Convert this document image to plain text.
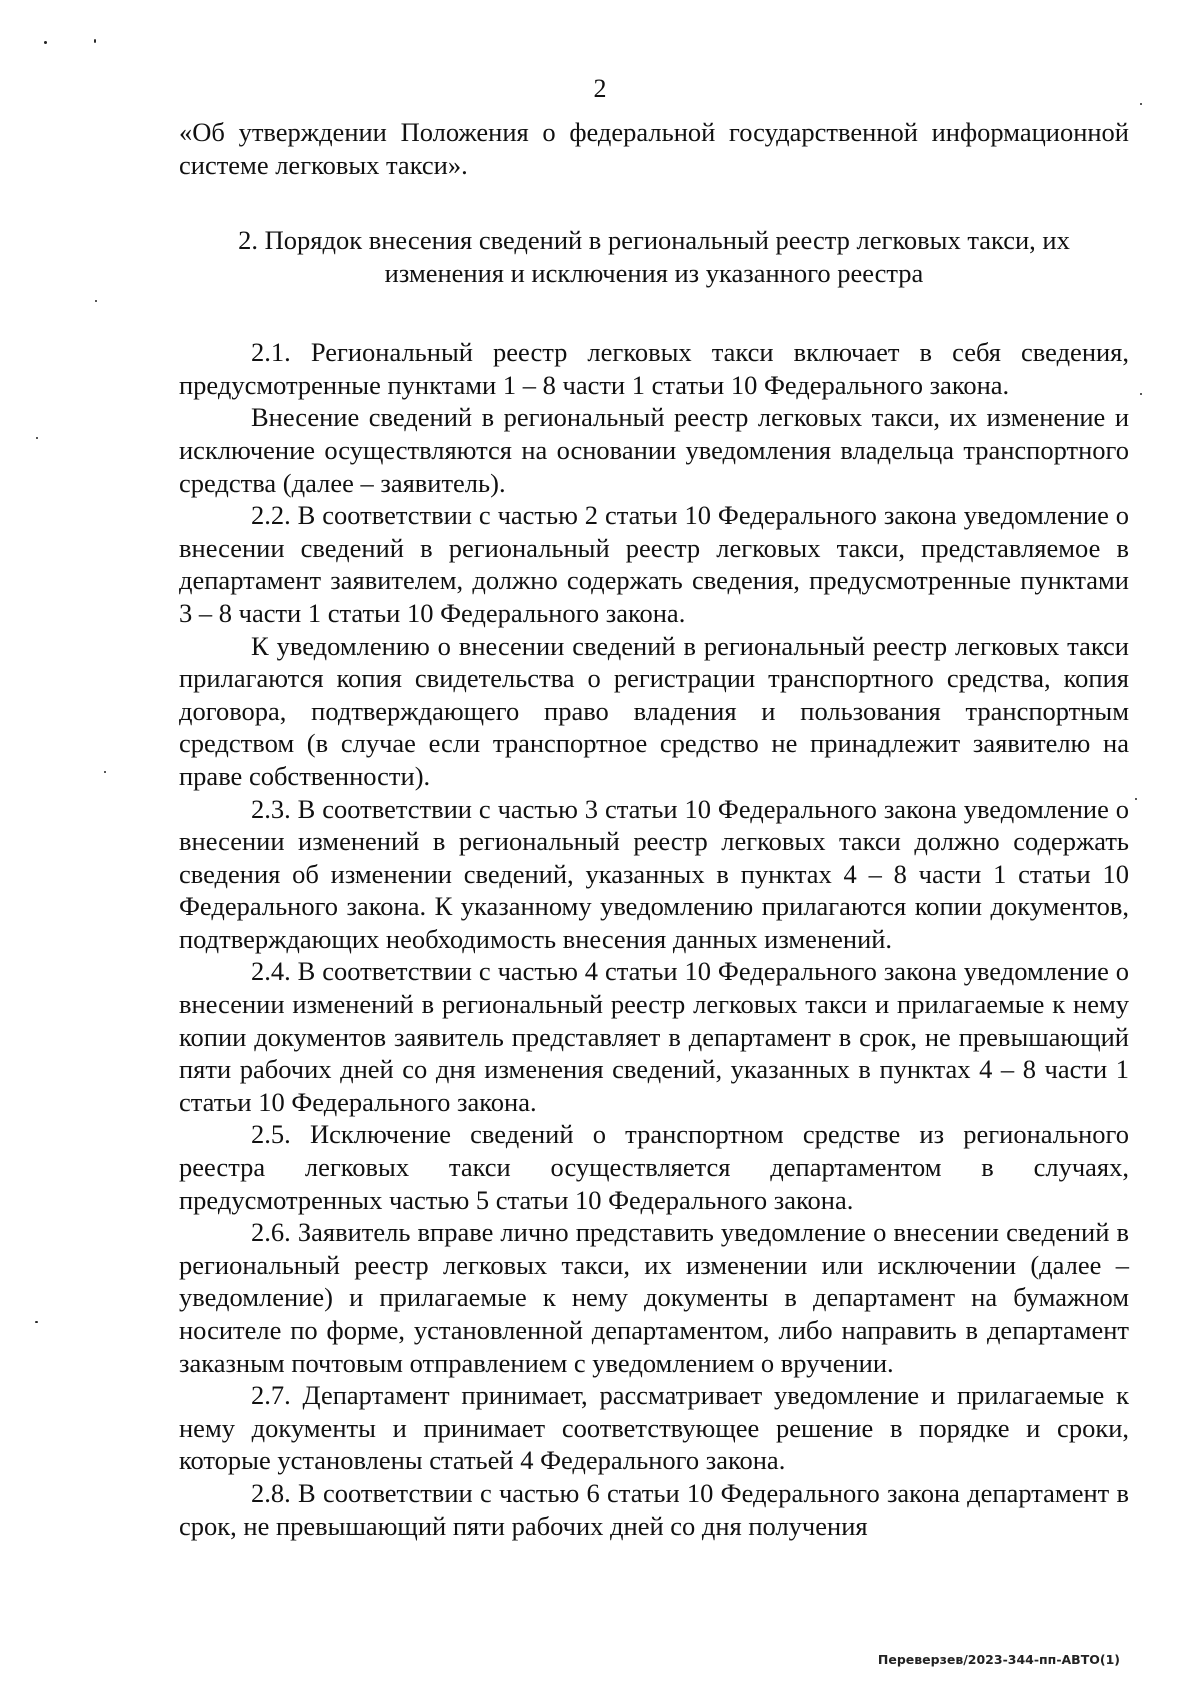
2

«Об утверждении Положения о федеральной государственной информационной системе легковых такси».

2. Порядок внесения сведений в региональный реестр легковых такси, их изменения и исключения из указанного реестра

2.1. Региональный реестр легковых такси включает в себя сведения, предусмотренные пунктами 1 – 8 части 1 статьи 10 Федерального закона.

Внесение сведений в региональный реестр легковых такси, их изменение и исключение осуществляются на основании уведомления владельца транспортного средства (далее – заявитель).

2.2. В соответствии с частью 2 статьи 10 Федерального закона уведомление о внесении сведений в региональный реестр легковых такси, представляемое в департамент заявителем, должно содержать сведения, предусмотренные пунктами 3 – 8 части 1 статьи 10 Федерального закона.

К уведомлению о внесении сведений в региональный реестр легковых такси прилагаются копия свидетельства о регистрации транспортного средства, копия договора, подтверждающего право владения и пользования транспортным средством (в случае если транспортное средство не принадлежит заявителю на праве собственности).

2.3. В соответствии с частью 3 статьи 10 Федерального закона уведомление о внесении изменений в региональный реестр легковых такси должно содержать сведения об изменении сведений, указанных в пунктах 4 – 8 части 1 статьи 10 Федерального закона. К указанному уведомлению прилагаются копии документов, подтверждающих необходимость внесения данных изменений.

2.4. В соответствии с частью 4 статьи 10 Федерального закона уведомление о внесении изменений в региональный реестр легковых такси и прилагаемые к нему копии документов заявитель представляет в департамент в срок, не превышающий пяти рабочих дней со дня изменения сведений, указанных в пунктах 4 – 8 части 1 статьи 10 Федерального закона.

2.5. Исключение сведений о транспортном средстве из регионального реестра легковых такси осуществляется департаментом в случаях, предусмотренных частью 5 статьи 10 Федерального закона.

2.6. Заявитель вправе лично представить уведомление о внесении сведений в региональный реестр легковых такси, их изменении или исключении (далее – уведомление) и прилагаемые к нему документы в департамент на бумажном носителе по форме, установленной департаментом, либо направить в департамент заказным почтовым отправлением с уведомлением о вручении.

2.7. Департамент принимает, рассматривает уведомление и прилагаемые к нему документы и принимает соответствующее решение в порядке и сроки, которые установлены статьей 4 Федерального закона.

2.8. В соответствии с частью 6 статьи 10 Федерального закона департамент в срок, не превышающий пяти рабочих дней со дня получения

Переверзев/2023-344-пп-АВТО(1)
